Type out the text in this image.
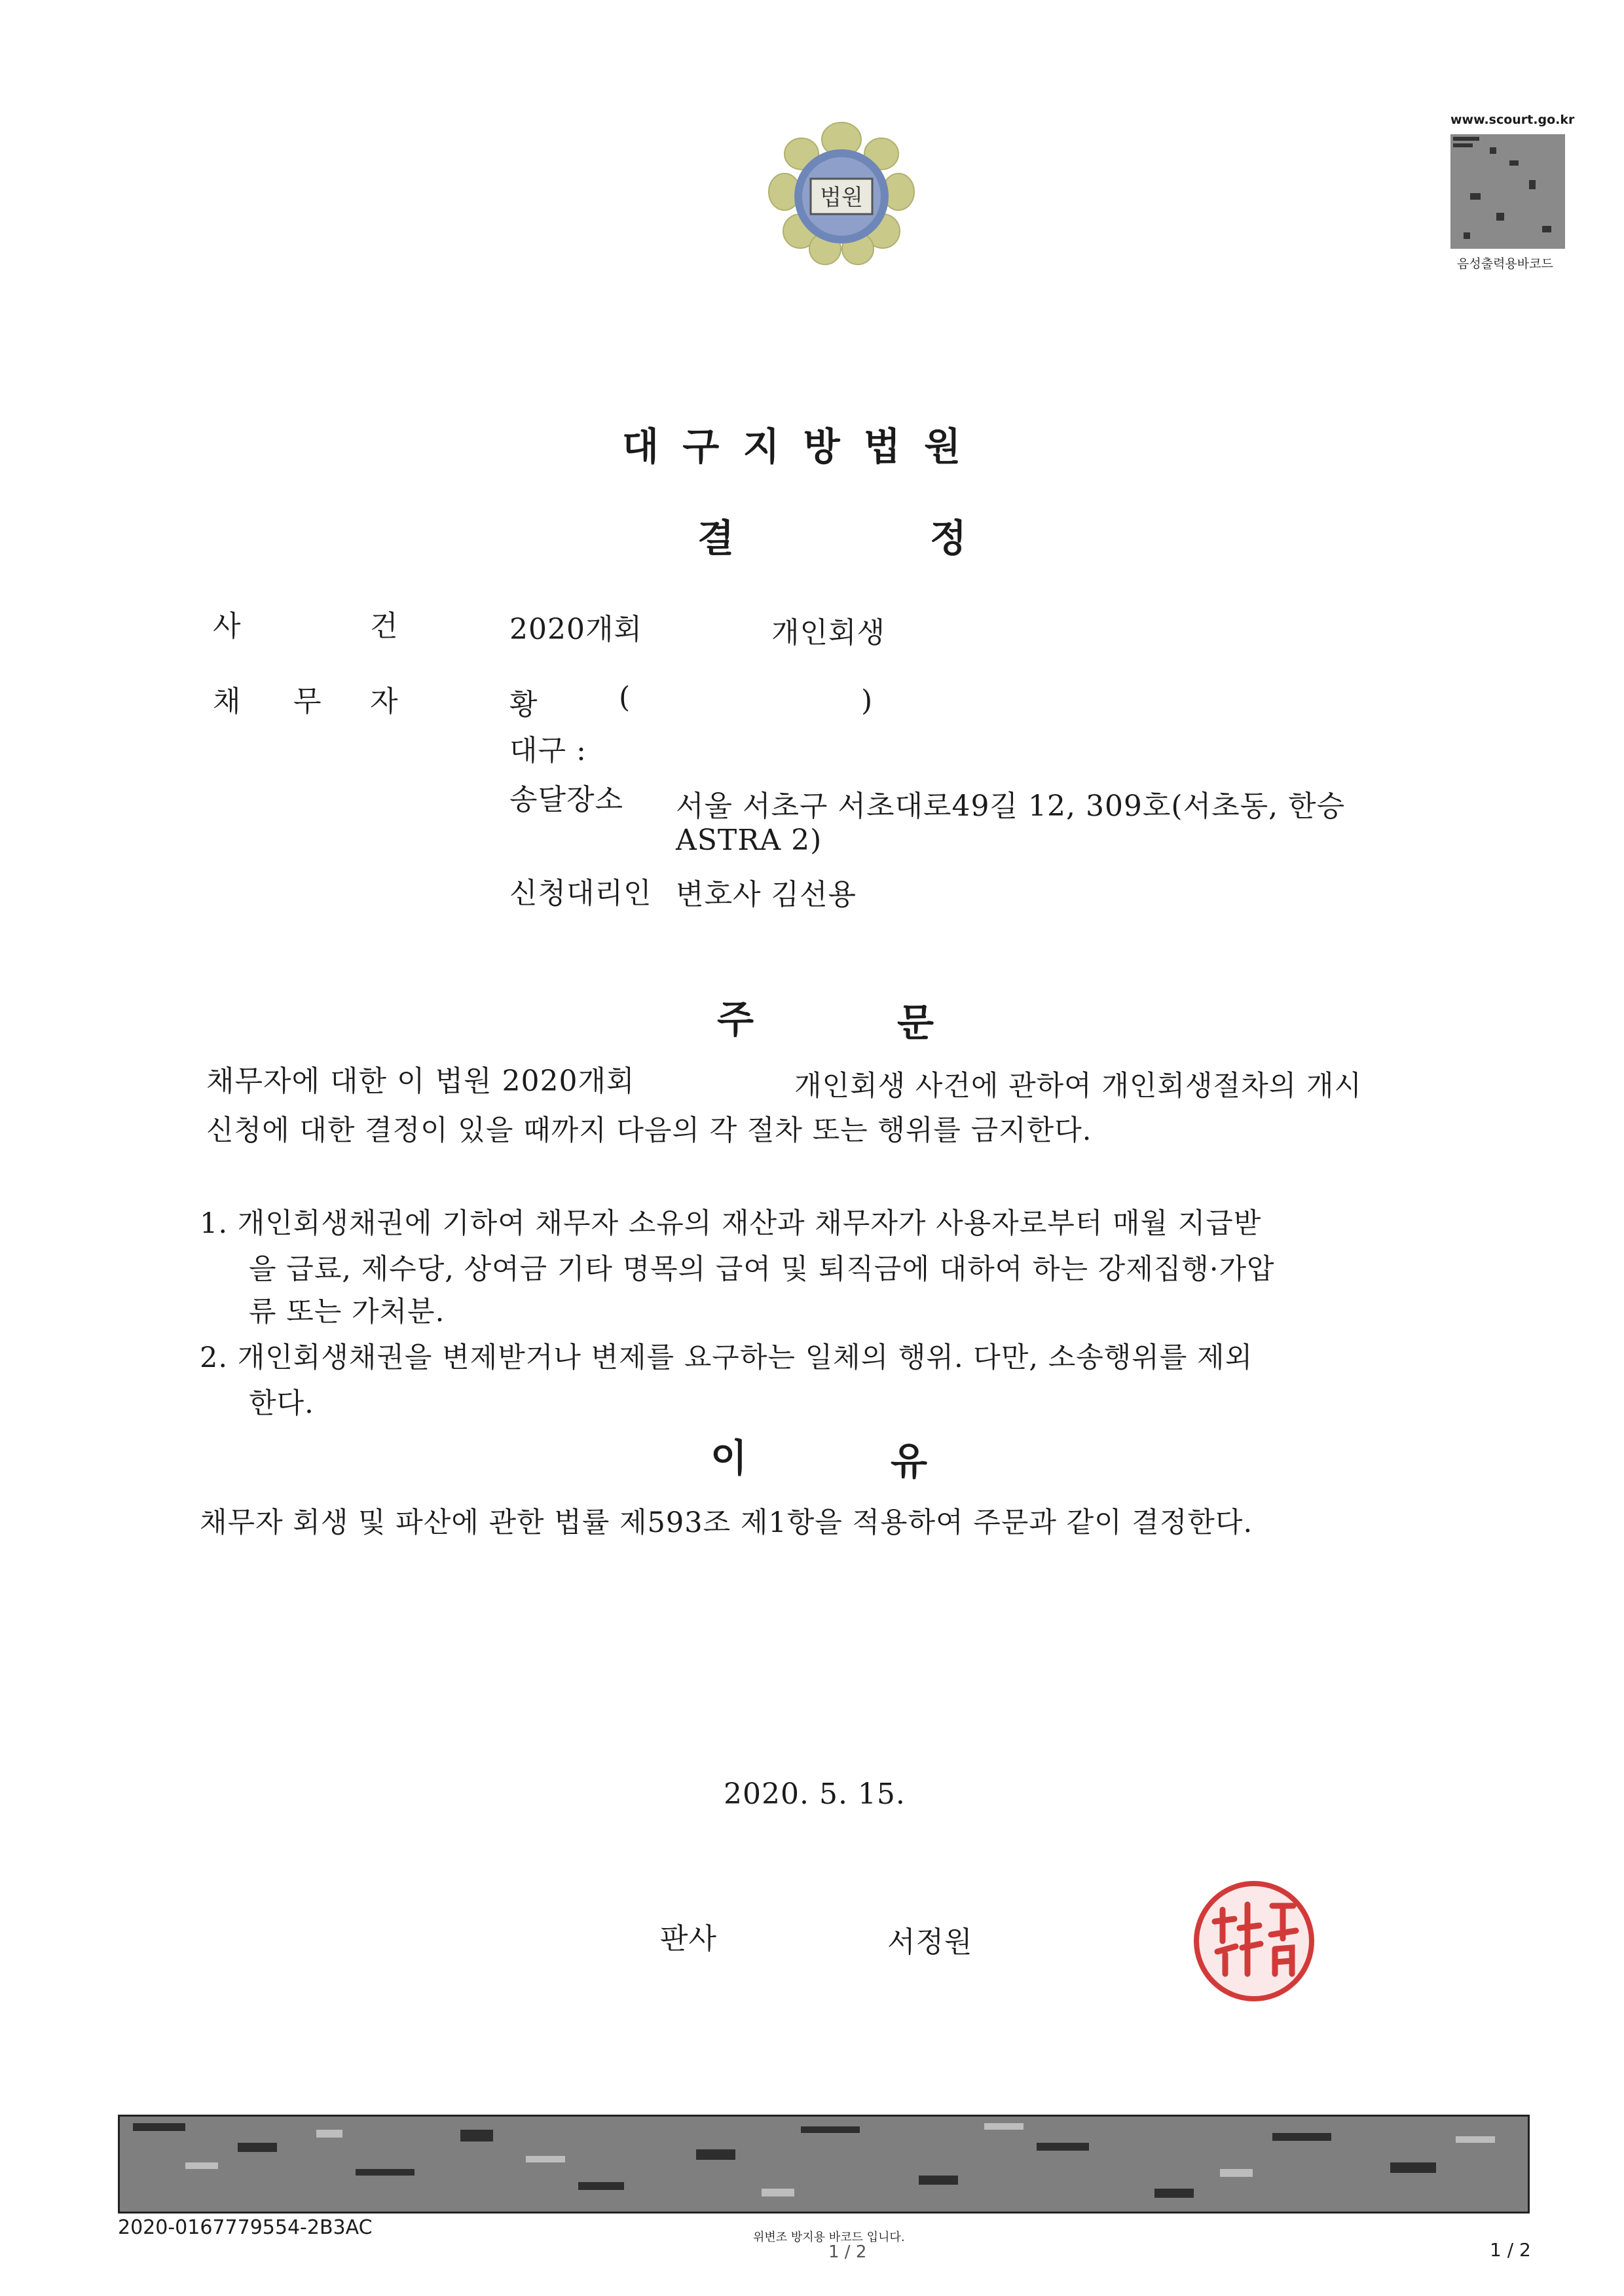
법원
www.scourt.go.kr
음성출력용바코드
대 구 지 방 법 원
결	정
사	건	2020개회	개인회생
채 무 자	황	(	)
대구 :
송달장소 서울 서초구 서초대로49길 12, 309호(서초동, 한승
ASTRA 2)
신청대리인 변호사 김선용
주	문
채무자에 대한 이 법원 2020개회	개인회생 사건에 관하여 개인회생절차의 개시
신청에 대한 결정이 있을 때까지 다음의 각 절차 또는 행위를 금지한다.
1. 개인회생채권에 기하여 채무자 소유의 재산과 채무자가 사용자로부터 매월 지급받
을 급료, 제수당, 상여금 기타 명목의 급여 및 퇴직금에 대하여 하는 강제집행·가압
류 또는 가처분.
2. 개인회생채권을 변제받거나 변제를 요구하는 일체의 행위. 다만, 소송행위를 제외
한다.
이	유
채무자 회생 및 파산에 관한 법률 제593조 제1항을 적용하여 주문과 같이 결정한다.
2020. 5. 15.
판사	서정원
2020-0167779554-2B3AC	위변조 방지용 바코드 입니다.
1 / 2	1 / 2
